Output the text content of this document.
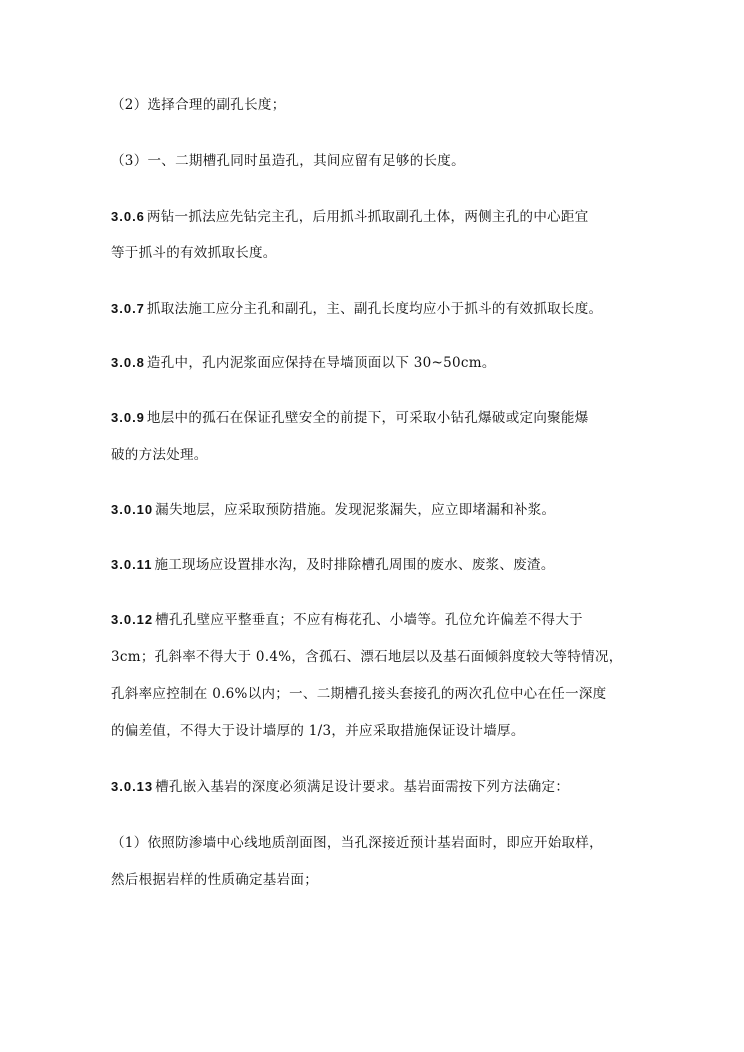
（2）选择合理的副孔长度；
（3）一、二期槽孔同时虽造孔，其间应留有足够的长度。
3.0.6 两钻一抓法应先钻完主孔，后用抓斗抓取副孔土体，两侧主孔的中心距宜
等于抓斗的有效抓取长度。
3.0.7 抓取法施工应分主孔和副孔，主、副孔长度均应小于抓斗的有效抓取长度。
3.0.8 造孔中，孔内泥浆面应保持在导墙顶面以下 30~50cm。
3.0.9 地层中的孤石在保证孔壁安全的前提下，可采取小钻孔爆破或定向聚能爆
破的方法处理。
3.0.10 漏失地层，应采取预防措施。发现泥浆漏失，应立即堵漏和补浆。
3.0.11 施工现场应设置排水沟，及时排除槽孔周围的废水、废浆、废渣。
3.0.12 槽孔孔壁应平整垂直；不应有梅花孔、小墙等。孔位允许偏差不得大于
3cm；孔斜率不得大于 0.4%，含孤石、漂石地层以及基石面倾斜度较大等特情况，
孔斜率应控制在 0.6%以内；一、二期槽孔接头套接孔的两次孔位中心在任一深度
的偏差值，不得大于设计墙厚的 1/3，并应采取措施保证设计墙厚。
3.0.13 槽孔嵌入基岩的深度必须满足设计要求。基岩面需按下列方法确定：
（1）依照防渗墙中心线地质剖面图，当孔深接近预计基岩面时，即应开始取样，
然后根据岩样的性质确定基岩面；
